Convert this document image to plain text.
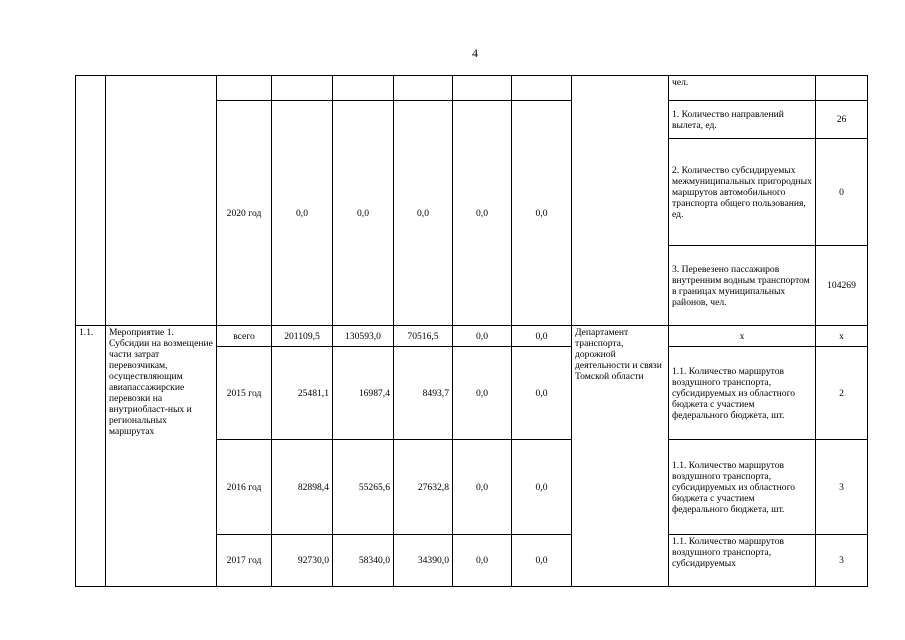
4
									чел.	
		2020 год	0,0	0,0	0,0	0,0	0,0		1. Количество направлений вылета, ед.	26
									2. Количество субсидируемых межмуниципальных пригородных маршрутов автомобильного транспорта общего пользования, ед.	0
									3. Перевезено пассажиров внутренним водным транспортом в границах муниципальных районов, чел.	104269
1.1.	Мероприятие 1. Субсидии на возмещение части затрат перевозчикам, осуществляющим авиапассажирские перевозки на внутриоблаcт-ных и региональных маршрутах	всего	201109,5	130593,0	70516,5	0,0	0,0	Департамент транспорта, дорожной деятельности и связи Томской области	x	x
		2015 год	25481,1	16987,4	8493,7	0,0	0,0		1.1. Количество маршрутов воздушного транспорта, субсидируемых из областного бюджета с участием федерального бюджета, шт.	2
		2016 год	82898,4	55265,6	27632,8	0,0	0,0		1.1. Количество маршрутов воздушного транспорта, субсидируемых из областного бюджета с участием федерального бюджета, шт.	3
		2017 год	92730,0	58340,0	34390,0	0,0	0,0		1.1. Количество маршрутов воздушного транспорта, субсидируемых	3
